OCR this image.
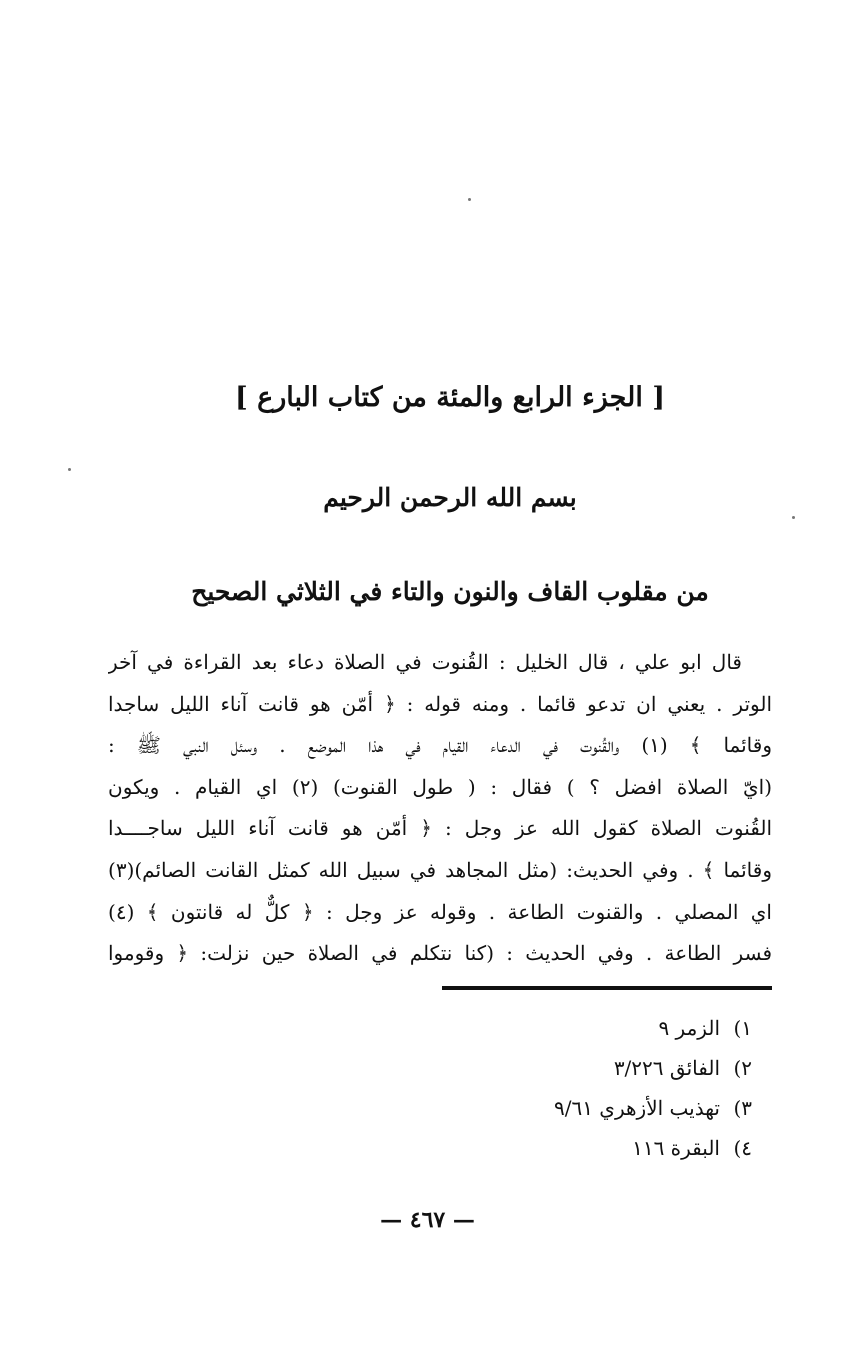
[ الجزء الرابع والمئة من كتاب البارع ]
بسم الله الرحمن الرحيم
من مقلوب القاف والنون والتاء في الثلاثي الصحيح
قال ابو علي ، قال الخليل : القُنوت في الصلاة دعاء بعد القراءة في آخر
الوتر . يعني ان تدعو قائما . ومنه قوله : ﴿ أمّن هو قانت آناء الليل ساجدا
وقائما ﴾ (١) والقُنوت في الدعاء القيام في هذا الموضع . وسئل النبي ﷺ :
(ايّ الصلاة افضل ؟ ) فقال : ( طول القنوت) (٢) اي القيام . ويكون
القُنوت الصلاة كقول الله عز وجل : ﴿ أمّن هو قانت آناء الليل ساجــــدا
وقائما ﴾ . وفي الحديث: (مثل المجاهد في سبيل الله كمثل القانت الصائم)(٣)
اي المصلي . والقنوت الطاعة . وقوله عز وجل : ﴿ كلٌّ له قانتون ﴾ (٤)
فسر الطاعة . وفي الحديث : (كنا نتكلم في الصلاة حين نزلت: ﴿ وقوموا
١)
الزمر ٩
٢)
الفائق ٣/٢٢٦
٣)
تهذيب الأزهري ٩/٦١
٤)
البقرة ١١٦
— ٤٦٧ —
